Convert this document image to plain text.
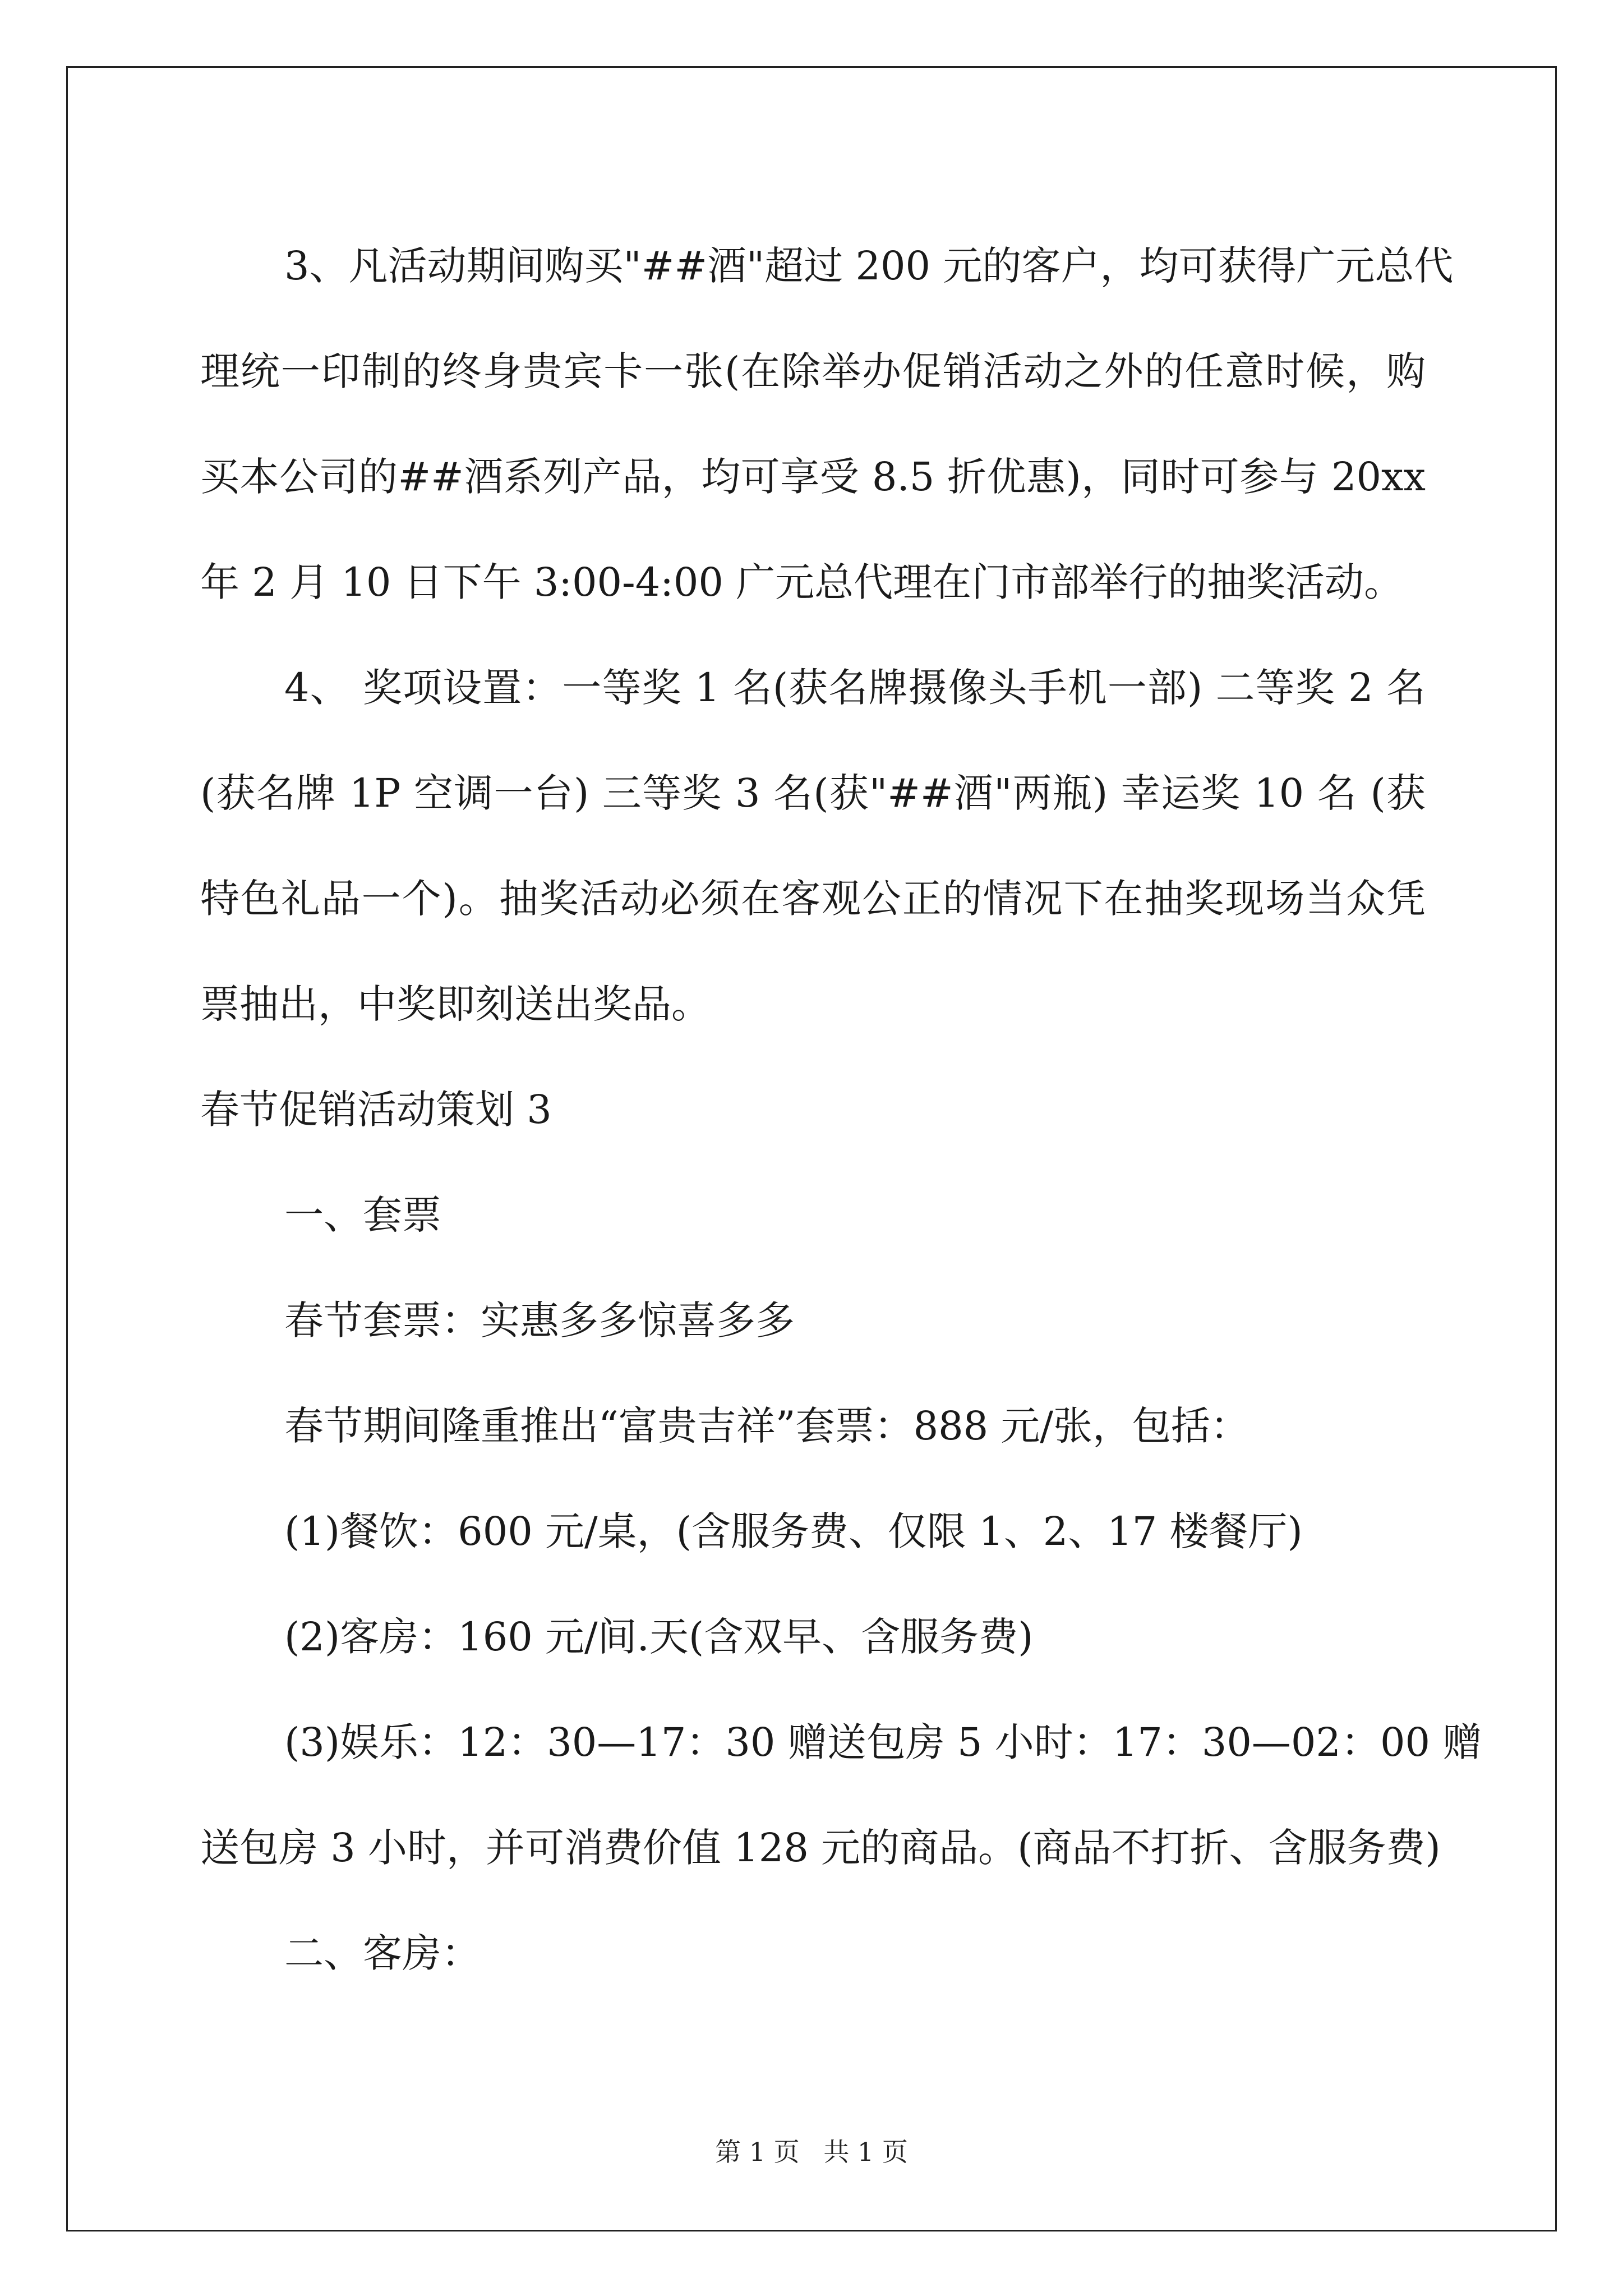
3、凡活动期间购买"##酒"超过 200 元的客户，均可获得广元总代
理统一印制的终身贵宾卡一张(在除举办促销活动之外的任意时候，购
买本公司的##酒系列产品，均可享受 8.5 折优惠)，同时可参与 20xx
年 2 月 10 日下午 3:00-4:00 广元总代理在门市部举行的抽奖活动。
4、 奖项设置：一等奖 1 名(获名牌摄像头手机一部) 二等奖 2 名
(获名牌 1P 空调一台) 三等奖 3 名(获"##酒"两瓶) 幸运奖 10 名 (获
特色礼品一个)。抽奖活动必须在客观公正的情况下在抽奖现场当众凭
票抽出，中奖即刻送出奖品。

春节促销活动策划 3

一、套票

春节套票：实惠多多惊喜多多

春节期间隆重推出“富贵吉祥”套票：888 元/张，包括：

(1)餐饮：600 元/桌，(含服务费、仅限 1、2、17 楼餐厅)

(2)客房：160 元/间.天(含双早、含服务费)

(3)娱乐：12：30—17：30 赠送包房 5 小时：17：30—02：00 赠
送包房 3 小时，并可消费价值 128 元的商品。(商品不打折、含服务费)

二、客房：

第 1 页 共 1 页
